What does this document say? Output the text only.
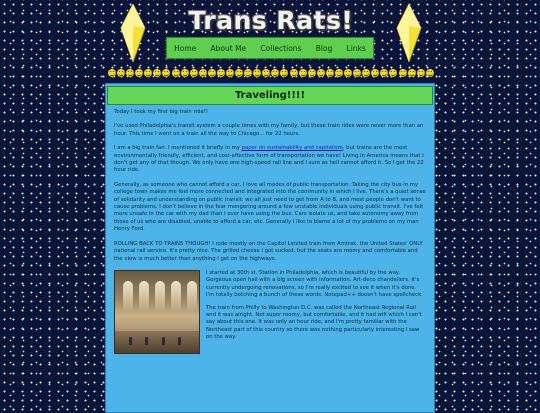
Trans Rats!
Home About Me Collections Blog Links
Traveling!!!!

Today I took my first big train ride!!

I've used Philadelphia's transit system a couple times with my family, but these train rides were never more than an hour. This time I went on a train all the way to Chicago... for 22 hours.

I am a big train fan. I mentioned it briefly in my paper on sustainability and capitalism, but trains are the most environmentally friendly, efficient, and cost-effective form of transportation we have! Living in America means that I don't get any of that though. We only have one high-speed rail line and I sure as hell cannot afford it. So I got the 22 hour ride.

Generally, as someone who cannot afford a car, I love all modes of public transportation. Taking the city bus in my college town makes me feel more connected and integrated into the community in which I live. There's a quiet sense of solidarity and understanding on public transit: we all just need to get from A to B, and most people don't want to cause problems. I don't believe in the fear mongering around a few unstable individuals using public transit. I've felt more unsafe in the car with my dad than I ever have using the bus. Cars isolate us, and take autonomy away from those of us who are disabled, unable to afford a car, etc. Generally I like to blame a lot of my problems on my man Henry Ford.

ROLLING BACK TO TRAINS THOUGH! I rode mostly on the Capitol Limited train from Amtrak, the United States' ONLY national rail service. It's pretty nice. The grilled cheese I got sucked, but the seats are roomy and comfortable and the view is much better than anything I get on the highways.

I started at 30th st. Station in Philadelphia, which is beautiful by the way. Gorgeous open hall with a big screen with information. Art-deco chandeliers. It's currently undergoing renovations, so I'm really excited to see it when it's done. I'm totally botching a bunch of these words. Notepad++ doesn't have spellcheck.

The train from Philly to Washington D.C. was called the Northeast Regional Rail and it was alright. Not super roomy, but comfortable, and it had wifi which I can't say about this one. It was only an hour ride, and I'm pretty familiar with the Northeast part of this country so there was nothing particularly interesting I saw on the way.
